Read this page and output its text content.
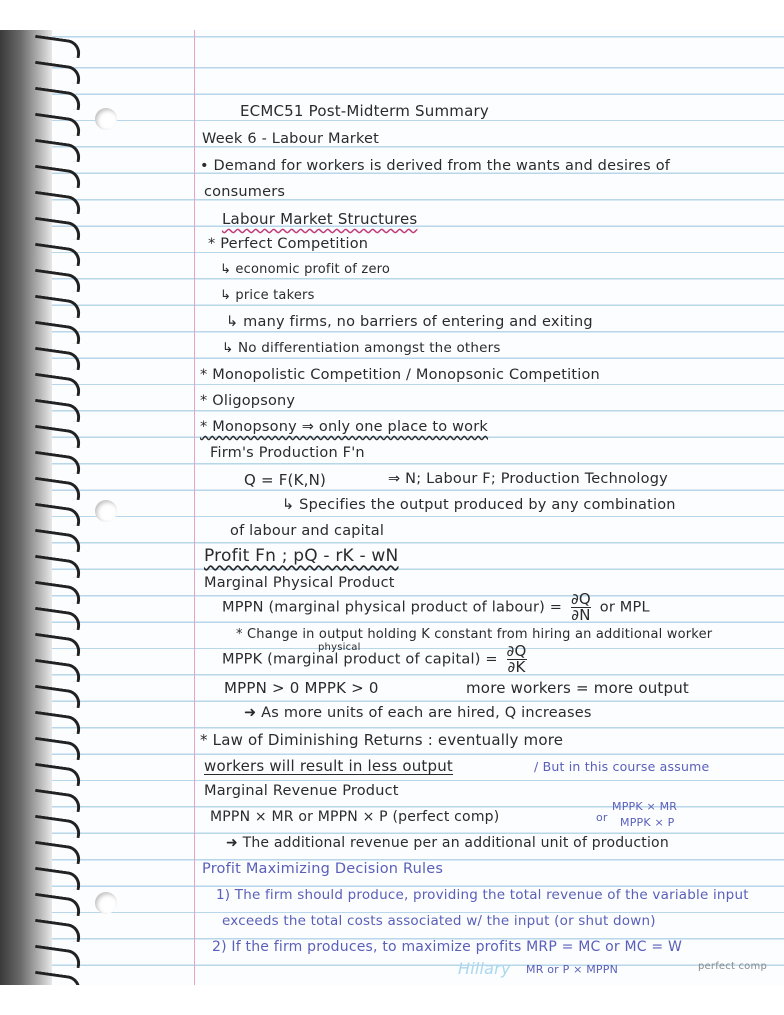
ECMC51 Post-Midterm Summary
Week 6 - Labour Market
• Demand for workers is derived from the wants and desires of
consumers
Labour Market Structures
* Perfect Competition
↳ economic profit of zero
↳ price takers
↳ many firms, no barriers of entering and exiting
↳ No differentiation amongst the others
* Monopolistic Competition / Monopsonic Competition
* Oligopsony
* Monopsony ⇒ only one place to work
Firm's Production F'n
Q = F(K,N)	⇒ N; Labour F; Production Technology
↳ Specifies the output produced by any combination
of labour and capital
Profit Fn ; pQ - rK - wN
Marginal Physical Product
MPPN (marginal physical product of labour) = $\frac{\partial Q}{\partial N}$ or MPL
* Change in output holding K constant from hiring an additional worker
physical
MPPK (marginal product of capital) = $\frac{\partial Q}{\partial K}$
MPPN > 0 MPPK > 0	more workers = more output
➜ As more units of each are hired, Q increases
* Law of Diminishing Returns : eventually more
workers will result in less output	/ But in this course assume
Marginal Revenue Product
MPPN × MR or MPPN × P (perfect comp)	or
MPPK × MR
MPPK × P
➜ The additional revenue per an additional unit of production
Profit Maximizing Decision Rules
1) The firm should produce, providing the total revenue of the variable input
exceeds the total costs associated w/ the input (or shut down)
2) If the firm produces, to maximize profits MRP = MC or MC = W
Hillary MR or P × MPPN	perfect comp
